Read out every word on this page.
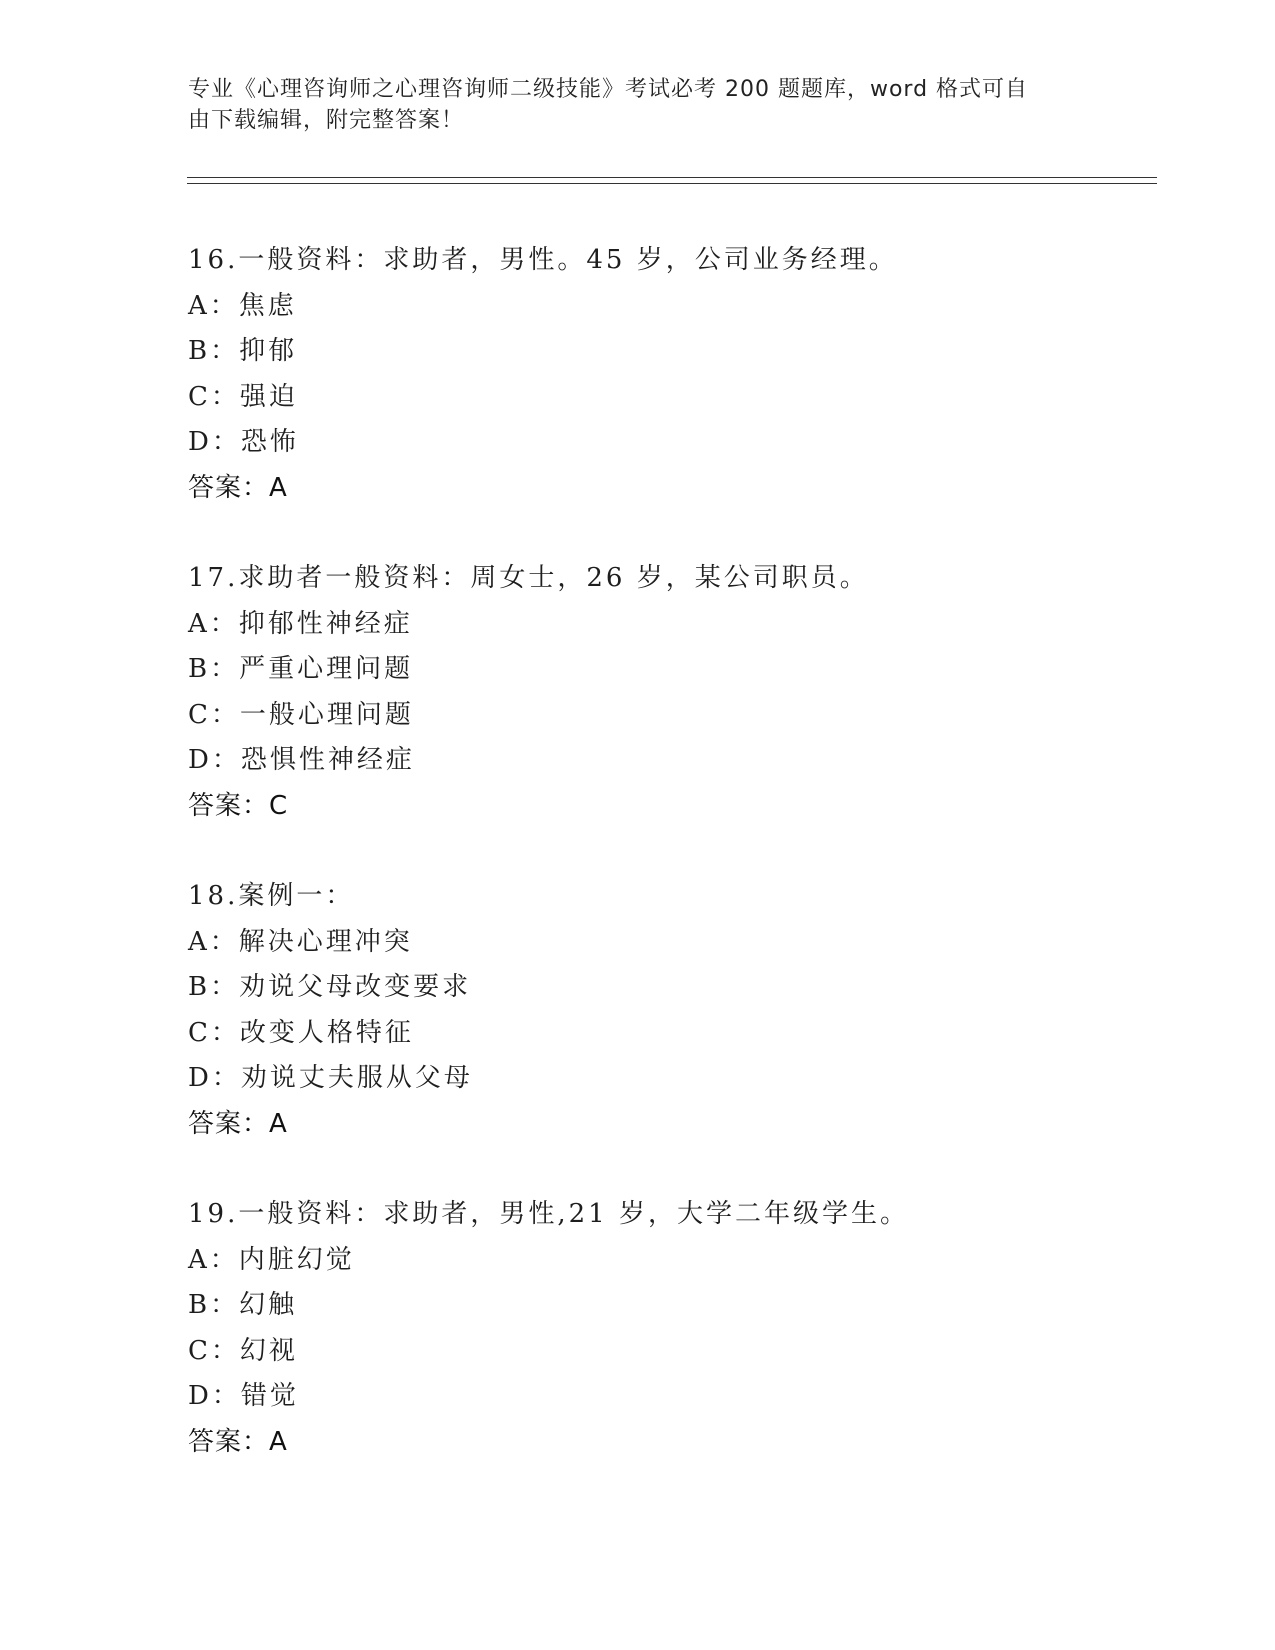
专业《心理咨询师之心理咨询师二级技能》考试必考 200 题题库，word 格式可自
由下载编辑，附完整答案！
16.一般资料：求助者，男性。45 岁，公司业务经理。
A：焦虑
B：抑郁
C：强迫
D：恐怖
答案：A
17.求助者一般资料：周女士，26 岁，某公司职员。
A：抑郁性神经症
B：严重心理问题
C：一般心理问题
D：恐惧性神经症
答案：C
18.案例一：
A：解决心理冲突
B：劝说父母改变要求
C：改变人格特征
D：劝说丈夫服从父母
答案：A
19.一般资料：求助者，男性,21 岁，大学二年级学生。
A：内脏幻觉
B：幻触
C：幻视
D：错觉
答案：A
